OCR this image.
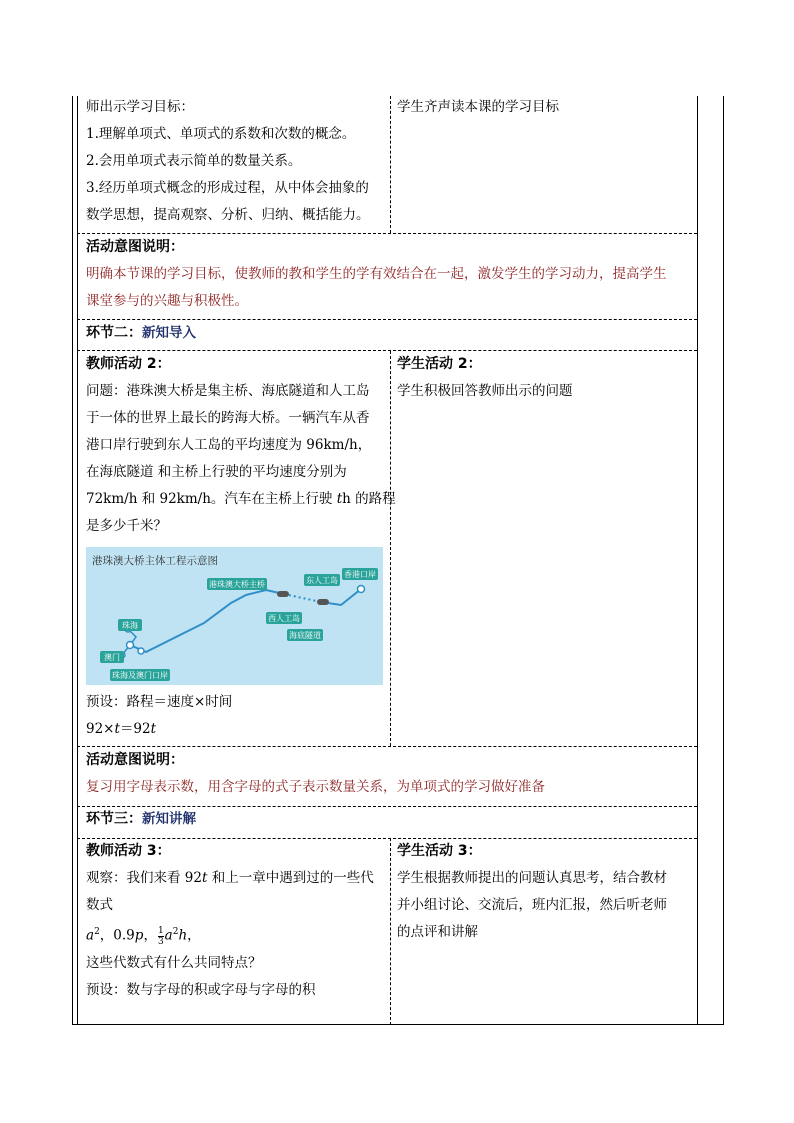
师出示学习目标：
1.理解单项式、单项式的系数和次数的概念。
2.会用单项式表示简单的数量关系。
3.经历单项式概念的形成过程，从中体会抽象的
数学思想，提高观察、分析、归纳、概括能力。
学生齐声读本课的学习目标
活动意图说明：
明确本节课的学习目标，使教师的教和学生的学有效结合在一起，激发学生的学习动力，提高学生
课堂参与的兴趣与积极性。
环节二：新知导入
教师活动 2：
问题：港珠澳大桥是集主桥、海底隧道和人工岛
于一体的世界上最长的跨海大桥。一辆汽车从香
港口岸行驶到东人工岛的平均速度为 96km/h，
在海底隧道 和主桥上行驶的平均速度分别为
72km/h 和 92km/h。汽车在主桥上行驶 th 的路程
是多少千米？
学生活动 2：
学生积极回答教师出示的问题
港珠澳大桥主体工程示意图
港珠澳大桥主桥	东人工岛
香港口岸
西人工岛
海底隧道
珠海
澳门
珠海及澳门口岸
预设：路程＝速度×时间
92×t＝92t
活动意图说明：
复习用字母表示数，用含字母的式子表示数量关系，为单项式的学习做好准备
环节三：新知讲解
教师活动 3：
观察：我们来看 92t 和上一章中遇到过的一些代
数式
$a^2$，0.9p， $\frac{1}{3} a^2h$，
这些代数式有什么共同特点？
预设：数与字母的积或字母与字母的积
学生活动 3：
学生根据教师提出的问题认真思考，结合教材
并小组讨论、交流后，班内汇报，然后听老师
的点评和讲解
